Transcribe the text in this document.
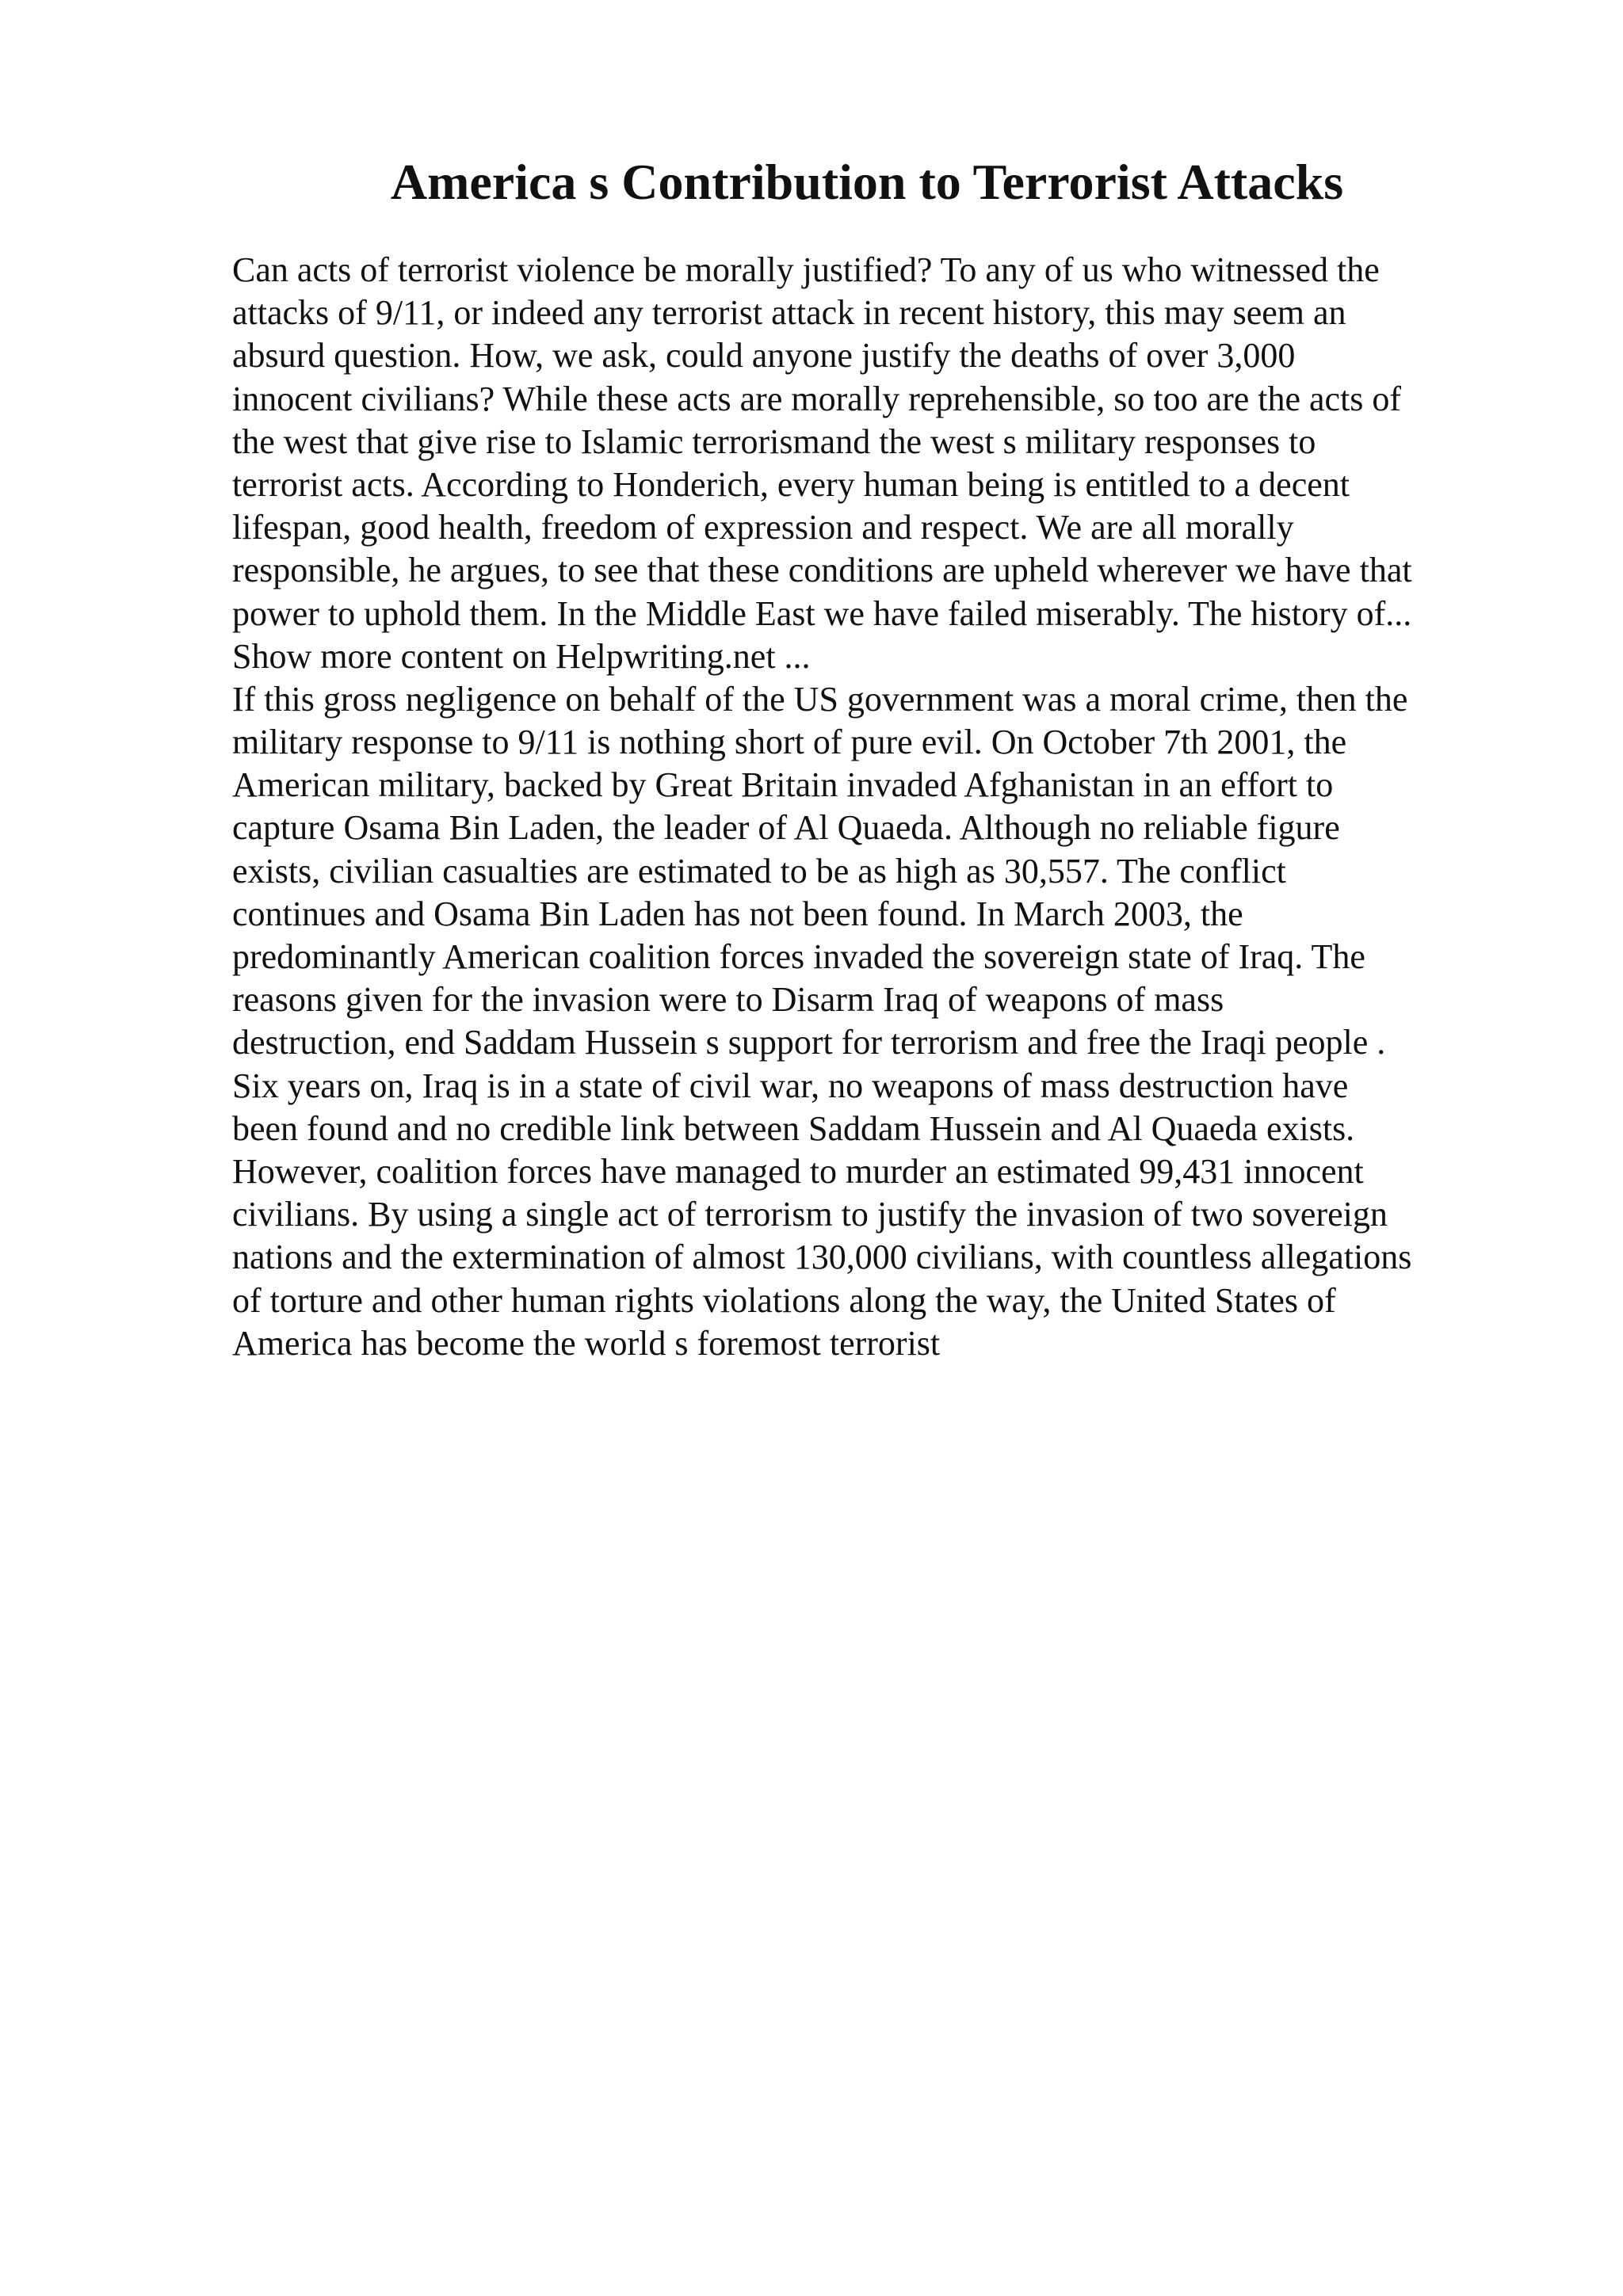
America s Contribution to Terrorist Attacks
Can acts of terrorist violence be morally justified? To any of us who witnessed the
attacks of 9/11, or indeed any terrorist attack in recent history, this may seem an
absurd question. How, we ask, could anyone justify the deaths of over 3,000
innocent civilians? While these acts are morally reprehensible, so too are the acts of
the west that give rise to Islamic terrorismand the west s military responses to
terrorist acts. According to Honderich, every human being is entitled to a decent
lifespan, good health, freedom of expression and respect. We are all morally
responsible, he argues, to see that these conditions are upheld wherever we have that
power to uphold them. In the Middle East we have failed miserably. The history of...
Show more content on Helpwriting.net ...
If this gross negligence on behalf of the US government was a moral crime, then the
military response to 9/11 is nothing short of pure evil. On October 7th 2001, the
American military, backed by Great Britain invaded Afghanistan in an effort to
capture Osama Bin Laden, the leader of Al Quaeda. Although no reliable figure
exists, civilian casualties are estimated to be as high as 30,557. The conflict
continues and Osama Bin Laden has not been found. In March 2003, the
predominantly American coalition forces invaded the sovereign state of Iraq. The
reasons given for the invasion were to Disarm Iraq of weapons of mass
destruction, end Saddam Hussein s support for terrorism and free the Iraqi people .
Six years on, Iraq is in a state of civil war, no weapons of mass destruction have
been found and no credible link between Saddam Hussein and Al Quaeda exists.
However, coalition forces have managed to murder an estimated 99,431 innocent
civilians. By using a single act of terrorism to justify the invasion of two sovereign
nations and the extermination of almost 130,000 civilians, with countless allegations
of torture and other human rights violations along the way, the United States of
America has become the world s foremost terrorist
